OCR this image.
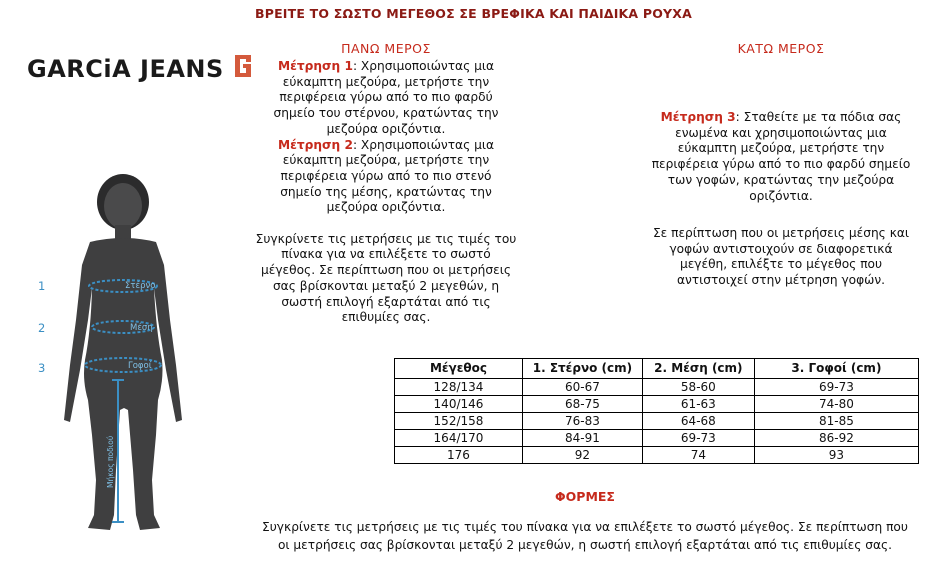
ΒΡΕΙΤΕ ΤΟ ΣΩΣΤΟ ΜΕΓΕΘΟΣ ΣΕ ΒΡΕΦΙΚΑ ΚΑΙ ΠΑΙΔΙΚΑ ΡΟΥΧΑ
GARCiA JEANS
Στέρνο
Μέση
Γοφοί
Μήκος ποδιού
1
2
3
ΠΑΝΩ ΜΕΡΟΣ
Μέτρηση 1: Χρησιμοποιώντας μια
εύκαμπτη μεζούρα, μετρήστε την
περιφέρεια γύρω από το πιο φαρδύ
σημείο του στέρνου, κρατώντας την
μεζούρα οριζόντια.
Μέτρηση 2: Χρησιμοποιώντας μια
εύκαμπτη μεζούρα, μετρήστε την
περιφέρεια γύρω από το πιο στενό
σημείο της μέσης, κρατώντας την
μεζούρα οριζόντια.
Συγκρίνετε τις μετρήσεις με τις τιμές του
πίνακα για να επιλέξετε το σωστό
μέγεθος. Σε περίπτωση που οι μετρήσεις
σας βρίσκονται μεταξύ 2 μεγεθών, η
σωστή επιλογή εξαρτάται από τις
επιθυμίες σας.
ΚΑΤΩ ΜΕΡΟΣ
Μέτρηση 3: Σταθείτε με τα πόδια σας
ενωμένα και χρησιμοποιώντας μια
εύκαμπτη μεζούρα, μετρήστε την
περιφέρεια γύρω από το πιο φαρδύ σημείο
των γοφών, κρατώντας την μεζούρα
οριζόντια.
Σε περίπτωση που οι μετρήσεις μέσης και
γοφών αντιστοιχούν σε διαφορετικά
μεγέθη, επιλέξτε το μέγεθος που
αντιστοιχεί στην μέτρηση γοφών.
Μέγεθος	1. Στέρνο (cm)	2. Μέση (cm)	3. Γοφοί (cm)
128/134	60-67	58-60	69-73
140/146	68-75	61-63	74-80
152/158	76-83	64-68	81-85
164/170	84-91	69-73	86-92
176	92	74	93
ΦΟΡΜΕΣ
Συγκρίνετε τις μετρήσεις με τις τιμές του πίνακα για να επιλέξετε το σωστό μέγεθος. Σε περίπτωση που
οι μετρήσεις σας βρίσκονται μεταξύ 2 μεγεθών, η σωστή επιλογή εξαρτάται από τις επιθυμίες σας.
